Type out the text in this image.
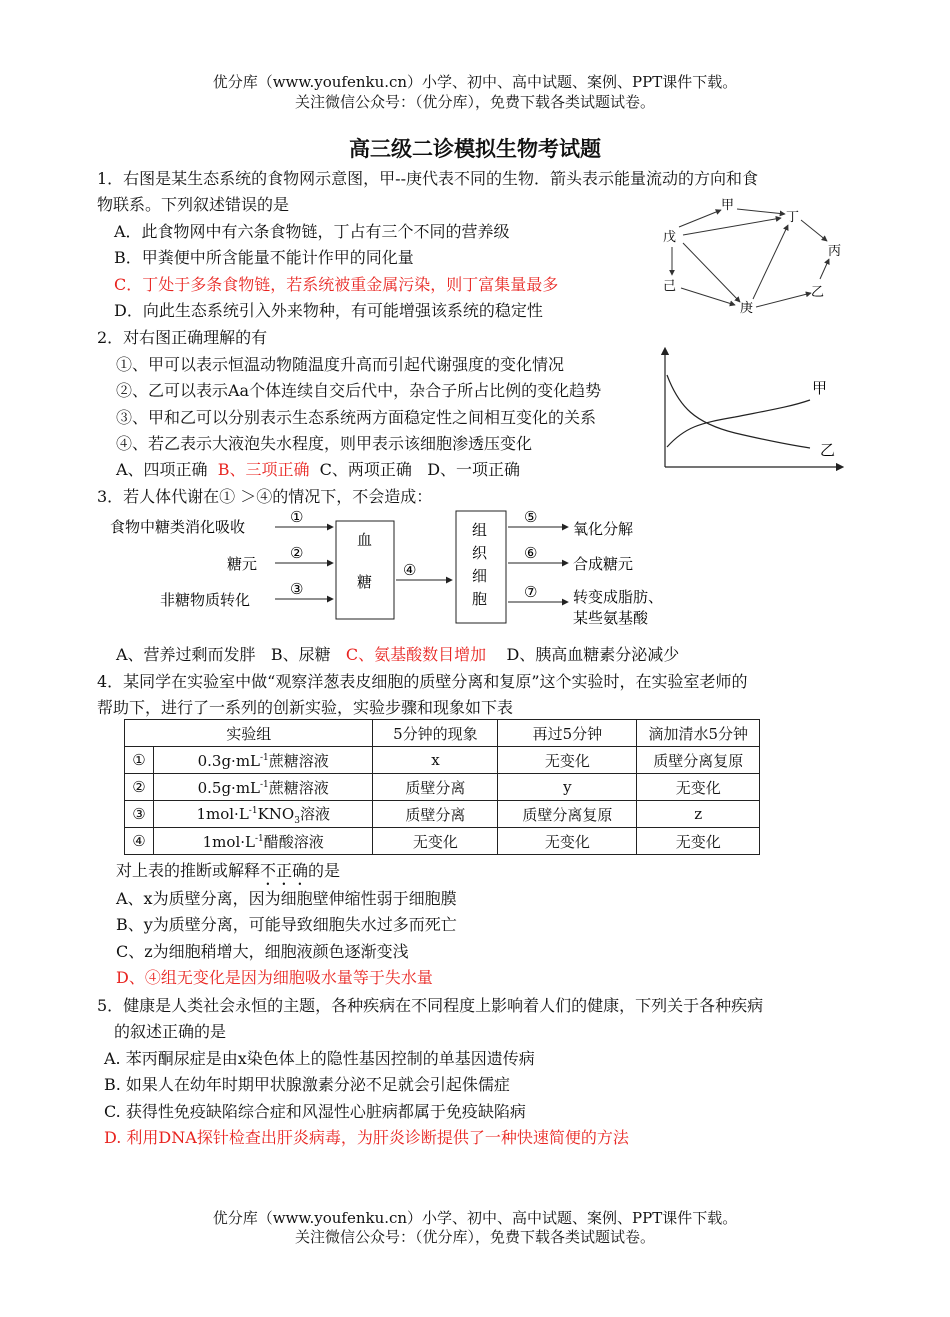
优分库（www.youfenku.cn）小学、初中、高中试题、案例、PPT课件下载。
关注微信公众号：（优分库），免费下载各类试题试卷。
高三级二诊模拟生物考试题
1．右图是某生态系统的食物网示意图，甲--庚代表不同的生物．箭头表示能量流动的方向和食
物联系。下列叙述错误的是
A．此食物网中有六条食物链，丁占有三个不同的营养级
B．甲粪便中所含能量不能计作甲的同化量
C．丁处于多条食物链，若系统被重金属污染，则丁富集量最多
D．向此生态系统引入外来物种，有可能增强该系统的稳定性
甲
丁
戊
丙
己	乙
庚
2．对右图正确理解的有
①、甲可以表示恒温动物随温度升高而引起代谢强度的变化情况
②、乙可以表示Aa个体连续自交后代中，杂合子所占比例的变化趋势
③、甲和乙可以分别表示生态系统两方面稳定性之间相互变化的关系
④、若乙表示大液泡失水程度，则甲表示该细胞渗透压变化
A、四项正确 B、三项正确 C、两项正确 D、一项正确
甲
乙
3．若人体代谢在① ＞④的情况下，不会造成：
食物中糖类消化吸收
糖元
非糖物质转化
①
②
③
④
⑤
⑥
⑦
血
糖
组
织
细
胞
氧化分解
合成糖元
转变成脂肪、
某些氨基酸
A、营养过剩而发胖 B、尿糖 C、氨基酸数目增加 D、胰高血糖素分泌减少
4．某同学在实验室中做“观察洋葱表皮细胞的质壁分离和复原”这个实验时，在实验室老师的
帮助下，进行了一系列的创新实验，实验步骤和现象如下表
实验组		5分钟的现象	再过5分钟	滴加清水5分钟
①	$0.3g\cdot mL^{-1}$蔗糖溶液	x	无变化	质壁分离复原
②	$0.5g\cdot mL^{-1}$蔗糖溶液	质壁分离	y	无变化
③	$1mol\cdot L^{-1}KNO_3$溶液	质壁分离	质壁分离复原	z
④	$1mol\cdot L^{-1}$醋酸溶液	无变化	无变化	无变化
对上表的推断或解释不正确的是
A、x为质壁分离，因为细胞壁伸缩性弱于细胞膜
B、y为质壁分离，可能导致细胞失水过多而死亡
C、z为细胞稍增大，细胞液颜色逐渐变浅
D、④组无变化是因为细胞吸水量等于失水量
5．健康是人类社会永恒的主题，各种疾病在不同程度上影响着人们的健康，下列关于各种疾病
的叙述正确的是
A. 苯丙酮尿症是由x染色体上的隐性基因控制的单基因遗传病
B. 如果人在幼年时期甲状腺激素分泌不足就会引起侏儒症
C. 获得性免疫缺陷综合症和风湿性心脏病都属于免疫缺陷病
D. 利用DNA探针检查出肝炎病毒，为肝炎诊断提供了一种快速简便的方法
优分库（www.youfenku.cn）小学、初中、高中试题、案例、PPT课件下载。
关注微信公众号：（优分库），免费下载各类试题试卷。
